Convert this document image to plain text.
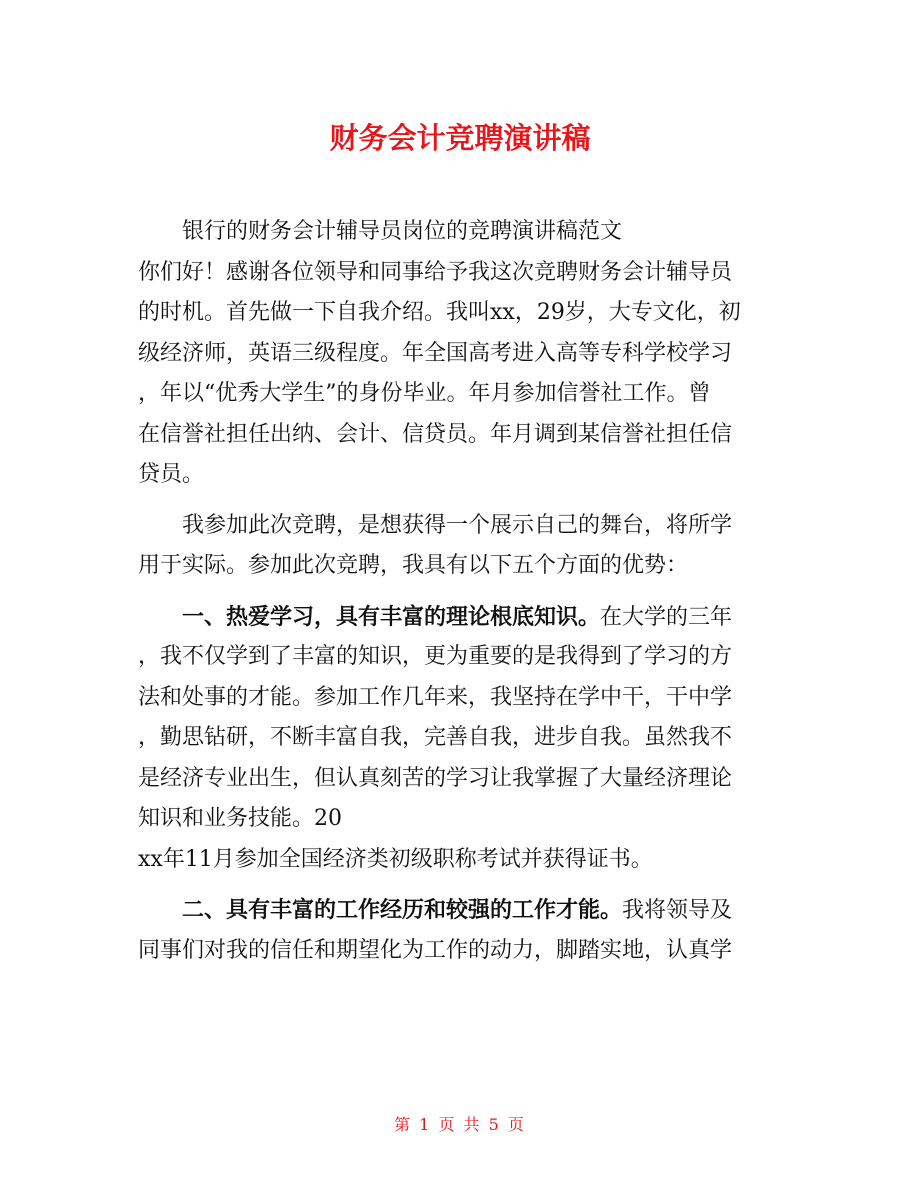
财务会计竞聘演讲稿
银行的财务会计辅导员岗位的竞聘演讲稿范文
你们好！感谢各位领导和同事给予我这次竞聘财务会计辅导员
的时机。首先做一下自我介绍。我叫xx，29岁，大专文化，初
级经济师，英语三级程度。年全国高考进入高等专科学校学习
，年以“优秀大学生”的身份毕业。年月参加信誉社工作。曾
在信誉社担任出纳、会计、信贷员。年月调到某信誉社担任信
贷员。
我参加此次竞聘，是想获得一个展示自己的舞台，将所学
用于实际。参加此次竞聘，我具有以下五个方面的优势：
一、热爱学习，具有丰富的理论根底知识。在大学的三年
，我不仅学到了丰富的知识，更为重要的是我得到了学习的方
法和处事的才能。参加工作几年来，我坚持在学中干，干中学
，勤思钻研，不断丰富自我，完善自我，进步自我。虽然我不
是经济专业出生，但认真刻苦的学习让我掌握了大量经济理论
知识和业务技能。20
xx年11月参加全国经济类初级职称考试并获得证书。
二、具有丰富的工作经历和较强的工作才能。我将领导及
同事们对我的信任和期望化为工作的动力，脚踏实地，认真学
第 1 页 共 5 页
